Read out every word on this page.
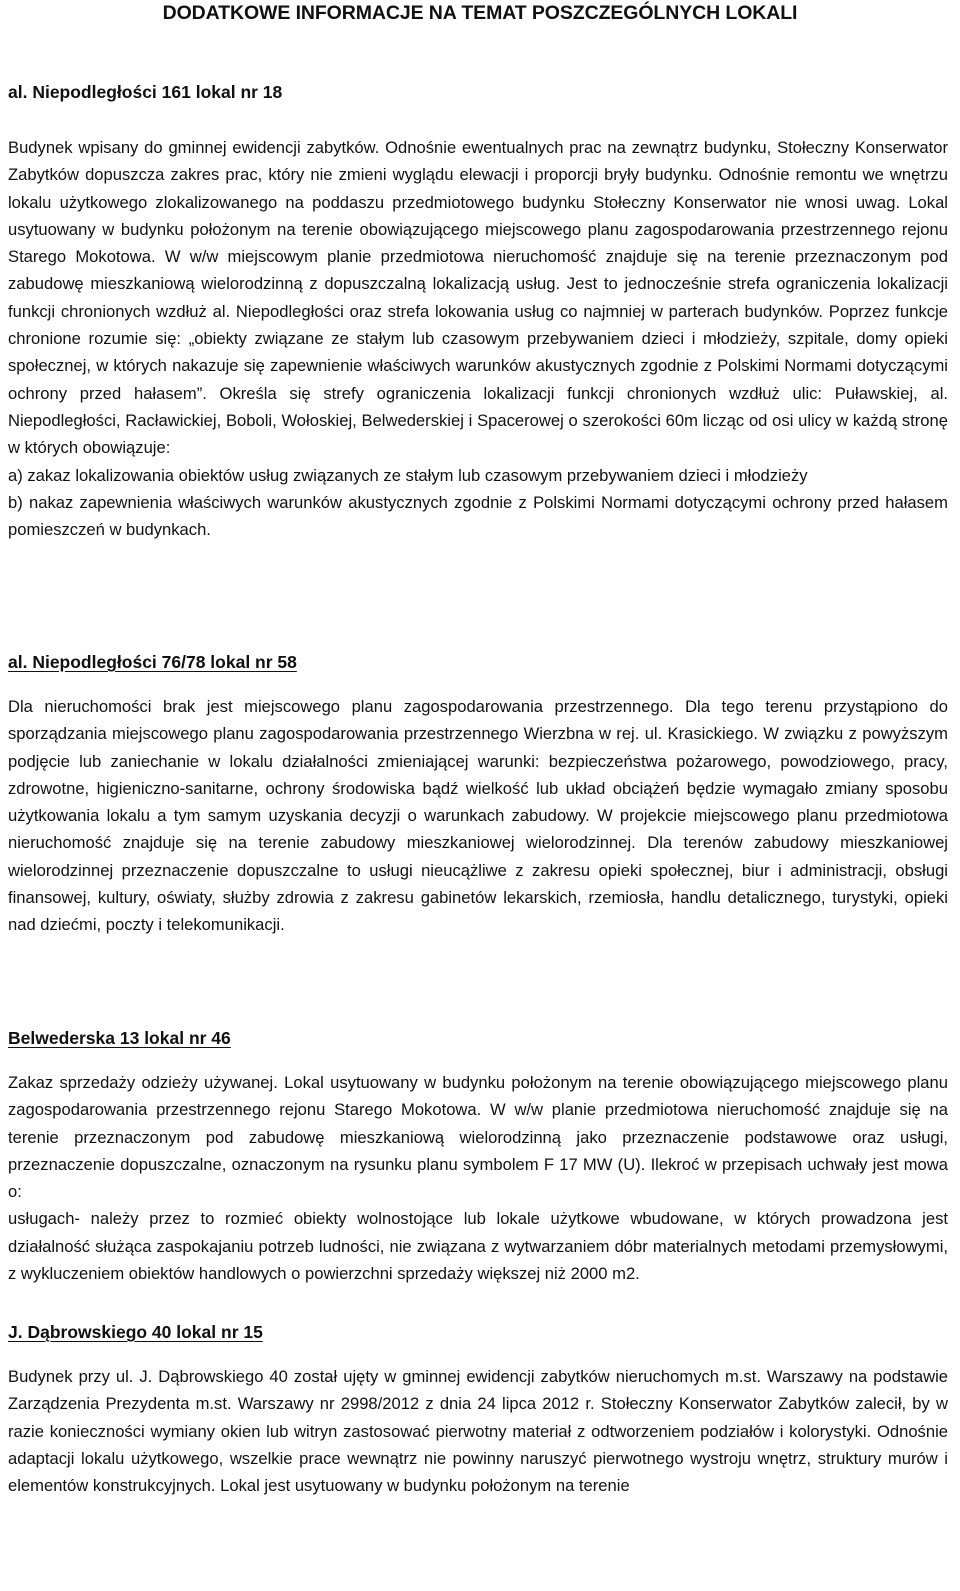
DODATKOWE INFORMACJE NA TEMAT POSZCZEGÓLNYCH LOKALI
al. Niepodległości 161 lokal nr 18
Budynek wpisany do gminnej ewidencji zabytków. Odnośnie ewentualnych prac na zewnątrz budynku, Stołeczny Konserwator Zabytków dopuszcza zakres prac, który nie zmieni wyglądu elewacji i proporcji bryły budynku. Odnośnie remontu we wnętrzu lokalu użytkowego zlokalizowanego na poddaszu przedmiotowego budynku Stołeczny Konserwator nie wnosi uwag. Lokal usytuowany w budynku położonym na terenie obowiązującego miejscowego planu zagospodarowania przestrzennego rejonu Starego Mokotowa. W w/w miejscowym planie przedmiotowa nieruchomość znajduje się na terenie przeznaczonym pod zabudowę mieszkaniową wielorodzinną z dopuszczalną lokalizacją usług. Jest to jednocześnie strefa ograniczenia lokalizacji funkcji chronionych wzdłuż al. Niepodległości oraz strefa lokowania usług co najmniej w parterach budynków. Poprzez funkcje chronione rozumie się: „obiekty związane ze stałym lub czasowym przebywaniem dzieci i młodzieży, szpitale, domy opieki społecznej, w których nakazuje się zapewnienie właściwych warunków akustycznych zgodnie z Polskimi Normami dotyczącymi ochrony przed hałasem”. Określa się strefy ograniczenia lokalizacji funkcji chronionych wzdłuż ulic: Puławskiej, al. Niepodległości, Racławickiej, Boboli, Wołoskiej, Belwederskiej i Spacerowej o szerokości 60m licząc od osi ulicy w każdą stronę w których obowiązuje:
a) zakaz lokalizowania obiektów usług związanych ze stałym lub czasowym przebywaniem dzieci i młodzieży
b) nakaz zapewnienia właściwych warunków akustycznych zgodnie z Polskimi Normami dotyczącymi ochrony przed hałasem pomieszczeń w budynkach.
al. Niepodległości 76/78 lokal nr 58
Dla nieruchomości brak jest miejscowego planu zagospodarowania przestrzennego. Dla tego terenu przystąpiono do sporządzania miejscowego planu zagospodarowania przestrzennego Wierzbna w rej. ul. Krasickiego. W związku z powyższym podjęcie lub zaniechanie w lokalu działalności zmieniającej warunki: bezpieczeństwa pożarowego, powodziowego, pracy, zdrowotne, higieniczno-sanitarne, ochrony środowiska bądź wielkość lub układ obciążeń będzie wymagało zmiany sposobu użytkowania lokalu a tym samym uzyskania decyzji o warunkach zabudowy. W projekcie miejscowego planu przedmiotowa nieruchomość znajduje się na terenie zabudowy mieszkaniowej wielorodzinnej. Dla terenów zabudowy mieszkaniowej wielorodzinnej przeznaczenie dopuszczalne to usługi nieucążliwe z zakresu opieki społecznej, biur i administracji, obsługi finansowej, kultury, oświaty, służby zdrowia z zakresu gabinetów lekarskich, rzemiosła, handlu detalicznego, turystyki, opieki nad dziećmi, poczty i telekomunikacji.
Belwederska 13 lokal nr 46
Zakaz sprzedaży odzieży używanej. Lokal usytuowany w budynku położonym na terenie obowiązującego miejscowego planu zagospodarowania przestrzennego rejonu Starego Mokotowa. W w/w planie przedmiotowa nieruchomość znajduje się na terenie przeznaczonym pod zabudowę mieszkaniową wielorodzinną jako przeznaczenie podstawowe oraz usługi, przeznaczenie dopuszczalne, oznaczonym na rysunku planu symbolem F 17 MW (U). Ilekroć w przepisach uchwały jest mowa o:
usługach- należy przez to rozmieć obiekty wolnostojące lub lokale użytkowe wbudowane, w których prowadzona jest działalność służąca zaspokajaniu potrzeb ludności, nie związana z wytwarzaniem dóbr materialnych metodami przemysłowymi, z wykluczeniem obiektów handlowych o powierzchni sprzedaży większej niż 2000 m2.
J. Dąbrowskiego 40 lokal nr 15
Budynek przy ul. J. Dąbrowskiego 40 został ujęty w gminnej ewidencji zabytków nieruchomych m.st. Warszawy na podstawie Zarządzenia Prezydenta m.st. Warszawy nr 2998/2012 z dnia 24 lipca 2012 r. Stołeczny Konserwator Zabytków zalecił, by w razie konieczności wymiany okien lub witryn zastosować pierwotny materiał z odtworzeniem podziałów i kolorystyki. Odnośnie adaptacji lokalu użytkowego, wszelkie prace wewnątrz nie powinny naruszyć pierwotnego wystroju wnętrz, struktury murów i elementów konstrukcyjnych. Lokal jest usytuowany w budynku położonym na terenie
